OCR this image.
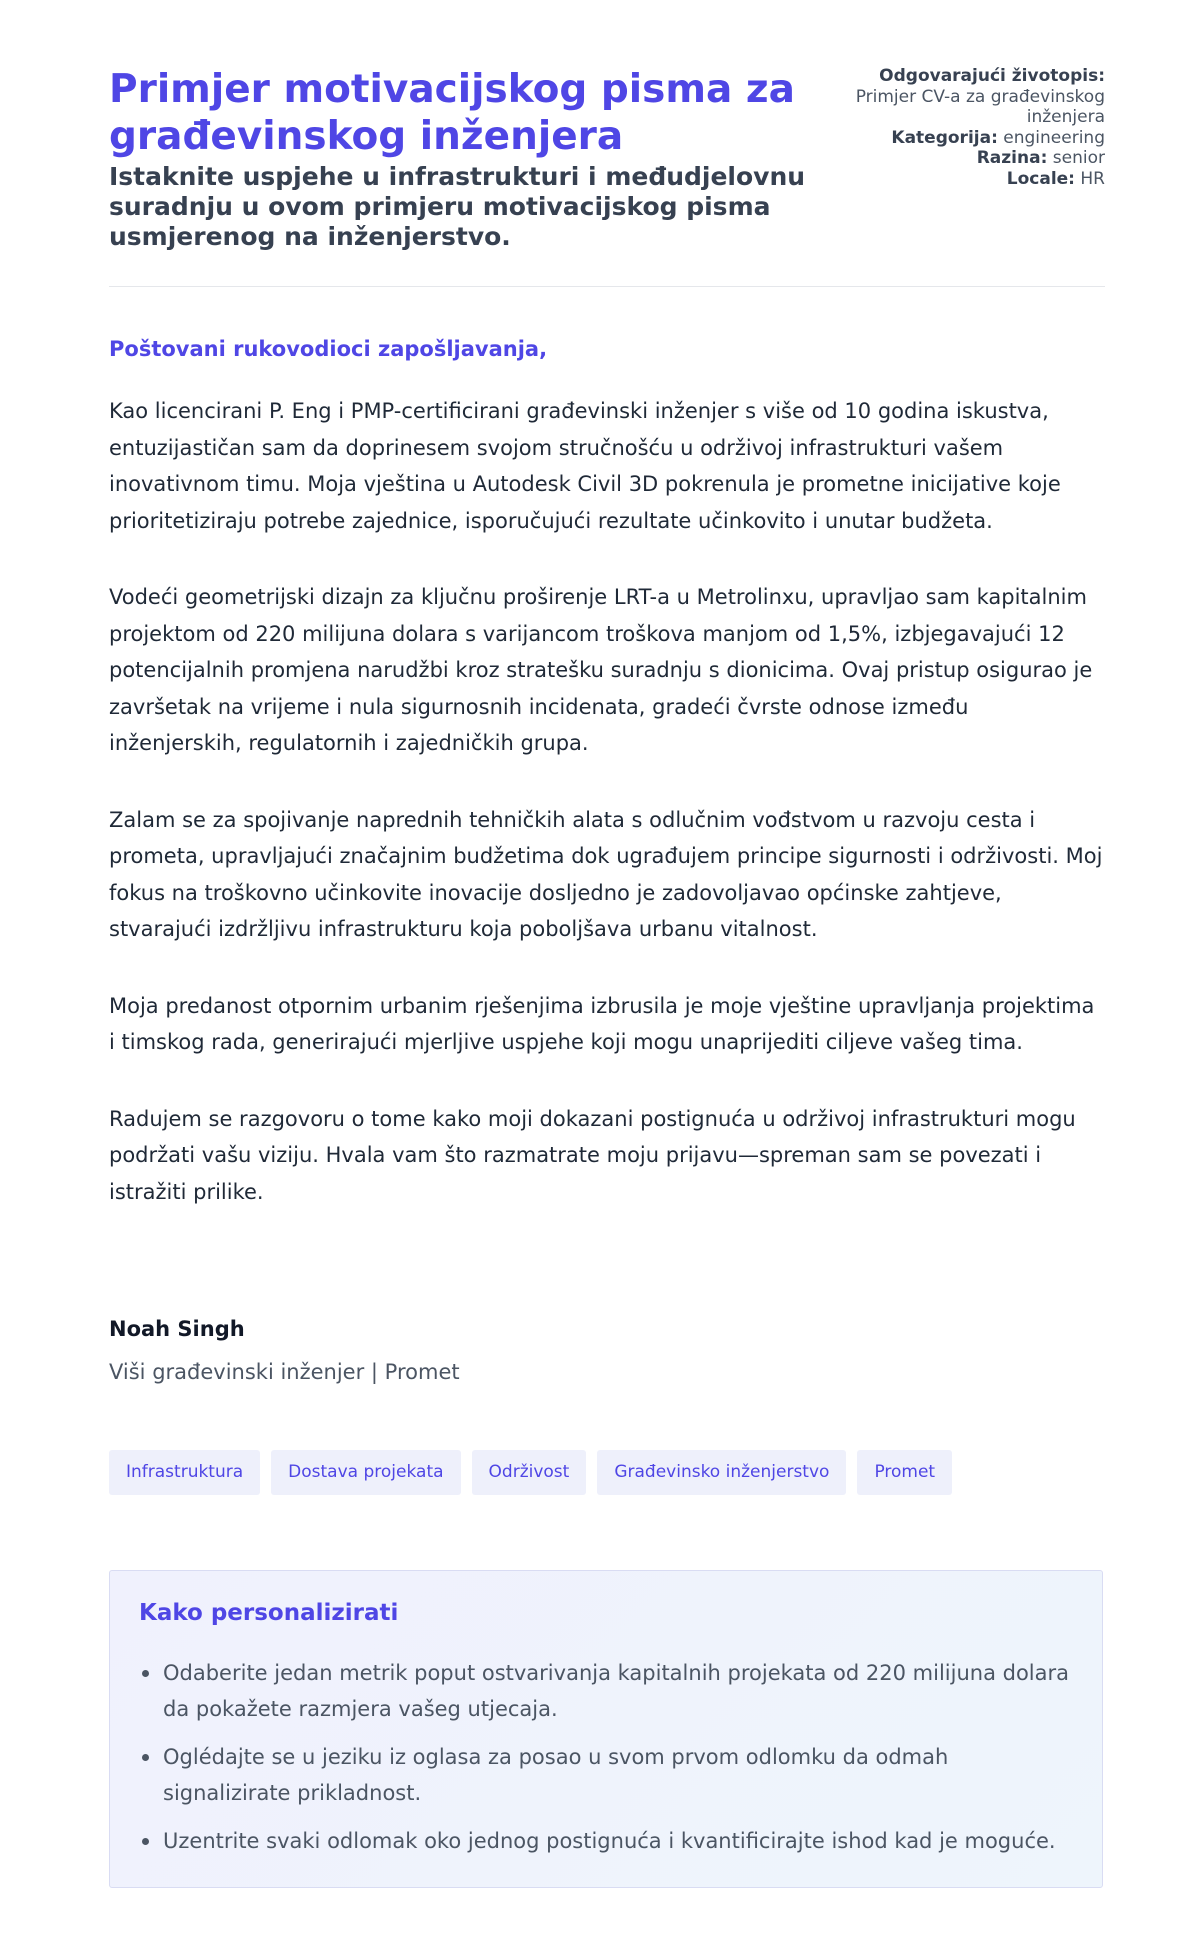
Primjer motivacijskog pisma za građevinskog inženjera
Istaknite uspjehe u infrastrukturi i međudjelovnu suradnju u ovom primjeru motivacijskog pisma usmjerenog na inženjerstvo.
Odgovarajući životopis:
Primjer CV-a za građevinskog inženjera
Kategorija: engineering
Razina: senior
Locale: HR

Poštovani rukovodioci zapošljavanja,

Kao licencirani P. Eng i PMP-certificirani građevinski inženjer s više od 10 godina iskustva, entuzijastičan sam da doprinesem svojom stručnošću u održivoj infrastrukturi vašem inovativnom timu. Moja vještina u Autodesk Civil 3D pokrenula je prometne inicijative koje prioritetiziraju potrebe zajednice, isporučujući rezultate učinkovito i unutar budžeta.

Vodeći geometrijski dizajn za ključnu proširenje LRT-a u Metrolinxu, upravljao sam kapitalnim projektom od 220 milijuna dolara s varijancom troškova manjom od 1,5%, izbjegavajući 12 potencijalnih promjena narudžbi kroz stratešku suradnju s dionicima. Ovaj pristup osigurao je završetak na vrijeme i nula sigurnosnih incidenata, gradeći čvrste odnose između inženjerskih, regulatornih i zajedničkih grupa.

Zalam se za spojivanje naprednih tehničkih alata s odlučnim vođstvom u razvoju cesta i prometa, upravljajući značajnim budžetima dok ugrađujem principe sigurnosti i održivosti. Moj fokus na troškovno učinkovite inovacije dosljedno je zadovoljavao općinske zahtjeve, stvarajući izdržljivu infrastrukturu koja poboljšava urbanu vitalnost.

Moja predanost otpornim urbanim rješenjima izbrusila je moje vještine upravljanja projektima i timskog rada, generirajući mjerljive uspjehe koji mogu unaprijediti ciljeve vašeg tima.

Radujem se razgovoru o tome kako moji dokazani postignuća u održivoj infrastrukturi mogu podržati vašu viziju. Hvala vam što razmatrate moju prijavu—spreman sam se povezati i istražiti prilike.

Noah Singh

Viši građevinski inženjer | Promet

Infrastruktura	Dostava projekata	Održivost	Građevinsko inženjerstvo	Promet
Kako personalizirati
Odaberite jedan metrik poput ostvarivanja kapitalnih projekata od 220 milijuna dolara da pokažete razmjera vašeg utjecaja.
Oglédajte se u jeziku iz oglasa za posao u svom prvom odlomku da odmah signalizirate prikladnost.
Uzentrite svaki odlomak oko jednog postignuća i kvantificirajte ishod kad je moguće.
